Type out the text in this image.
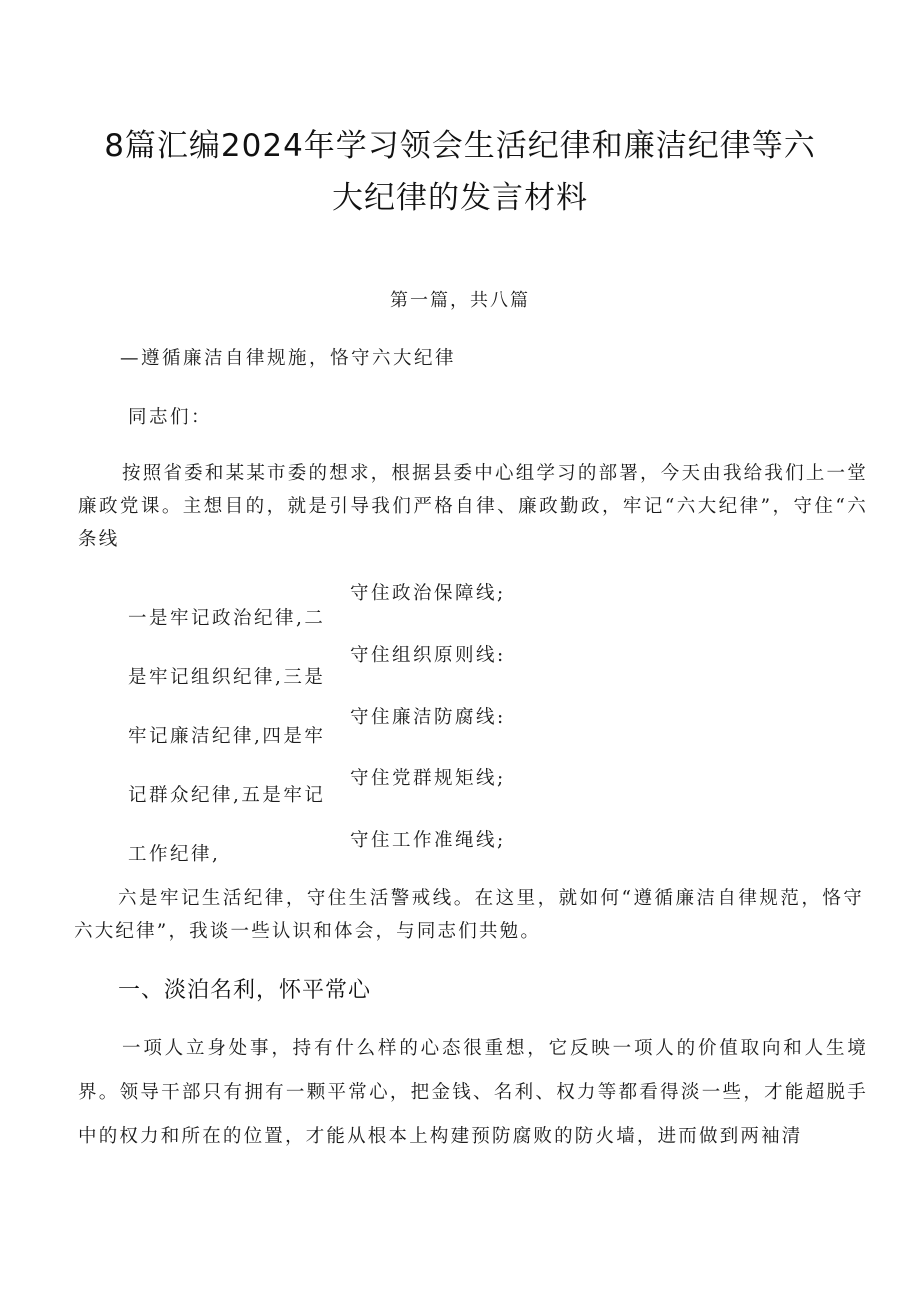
8篇汇编2024年学习领会生活纪律和廉洁纪律等六
大纪律的发言材料
第一篇，共八篇
—遵循廉洁自律规施，恪守六大纪律
同志们：

按照省委和某某市委的想求，根据县委中心组学习的部署，今天由我给我们上一堂廉政党课。主想目的，就是引导我们严格自律、廉政勤政，牢记“六大纪律”，守住“六条线

一是牢记政治纪律,二
是牢记组织纪律,三是
牢记廉洁纪律,四是牢
记群众纪律,五是牢记
工作纪律,
守住政治保障线;
守住组织原则线:
守住廉洁防腐线:
守住党群规矩线;
守住工作准绳线;

六是牢记生活纪律，守住生活警戒线。在这里，就如何“遵循廉洁自律规范，恪守六大纪律”，我谈一些认识和体会，与同志们共勉。

一、淡泊名利，怀平常心

一项人立身处事，持有什么样的心态很重想，它反映一项人的价值取向和人生境界。领导干部只有拥有一颗平常心，把金钱、名利、权力等都看得淡一些，才能超脱手中的权力和所在的位置，才能从根本上构建预防腐败的防火墙，进而做到两袖清
